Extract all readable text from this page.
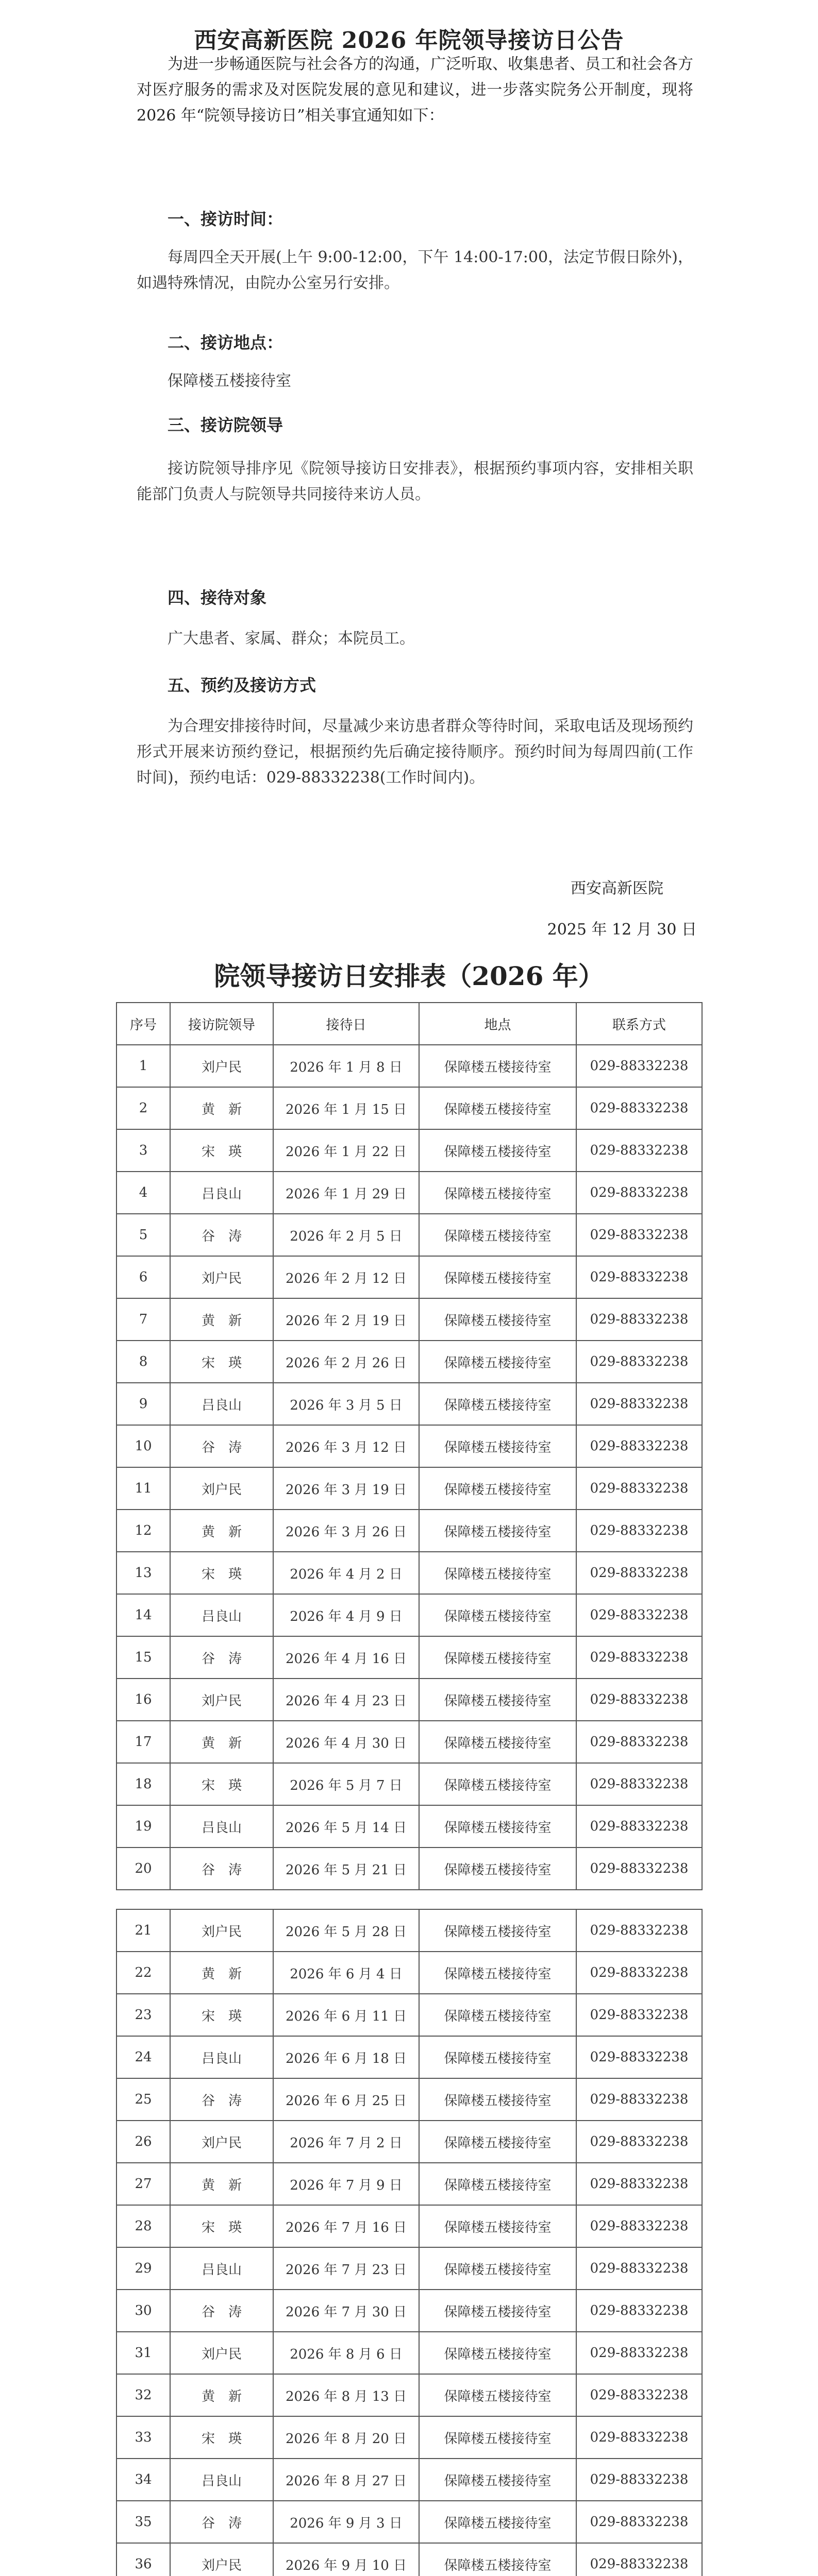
西安高新医院 2026 年院领导接访日公告

为进一步畅通医院与社会各方的沟通，广泛听取、收集患者、员工和社会各方对医疗服务的需求及对医院发展的意见和建议，进一步落实院务公开制度，现将 2026 年“院领导接访日”相关事宜通知如下：

一、接访时间：

每周四全天开展(上午 9:00-12:00，下午 14:00-17:00，法定节假日除外)，如遇特殊情况，由院办公室另行安排。

二、接访地点：

保障楼五楼接待室

三、接访院领导

接访院领导排序见《院领导接访日安排表》，根据预约事项内容，安排相关职能部门负责人与院领导共同接待来访人员。

四、接待对象

广大患者、家属、群众；本院员工。

五、预约及接访方式

为合理安排接待时间，尽量减少来访患者群众等待时间，采取电话及现场预约形式开展来访预约登记，根据预约先后确定接待顺序。预约时间为每周四前(工作时间)，预约电话：029-88332238(工作时间内)。

西安高新医院

2025 年 12 月 30 日

院领导接访日安排表（2026 年）
序号	接访院领导	接待日	地点	联系方式
1	刘户民	2026 年 1 月 8 日	保障楼五楼接待室	029-88332238
2	黄　新	2026 年 1 月 15 日	保障楼五楼接待室	029-88332238
3	宋　瑛	2026 年 1 月 22 日	保障楼五楼接待室	029-88332238
4	吕良山	2026 年 1 月 29 日	保障楼五楼接待室	029-88332238
5	谷　涛	2026 年 2 月 5 日	保障楼五楼接待室	029-88332238
6	刘户民	2026 年 2 月 12 日	保障楼五楼接待室	029-88332238
7	黄　新	2026 年 2 月 19 日	保障楼五楼接待室	029-88332238
8	宋　瑛	2026 年 2 月 26 日	保障楼五楼接待室	029-88332238
9	吕良山	2026 年 3 月 5 日	保障楼五楼接待室	029-88332238
10	谷　涛	2026 年 3 月 12 日	保障楼五楼接待室	029-88332238
11	刘户民	2026 年 3 月 19 日	保障楼五楼接待室	029-88332238
12	黄　新	2026 年 3 月 26 日	保障楼五楼接待室	029-88332238
13	宋　瑛	2026 年 4 月 2 日	保障楼五楼接待室	029-88332238
14	吕良山	2026 年 4 月 9 日	保障楼五楼接待室	029-88332238
15	谷　涛	2026 年 4 月 16 日	保障楼五楼接待室	029-88332238
16	刘户民	2026 年 4 月 23 日	保障楼五楼接待室	029-88332238
17	黄　新	2026 年 4 月 30 日	保障楼五楼接待室	029-88332238
18	宋　瑛	2026 年 5 月 7 日	保障楼五楼接待室	029-88332238
19	吕良山	2026 年 5 月 14 日	保障楼五楼接待室	029-88332238
20	谷　涛	2026 年 5 月 21 日	保障楼五楼接待室	029-88332238
21	刘户民	2026 年 5 月 28 日	保障楼五楼接待室	029-88332238
22	黄　新	2026 年 6 月 4 日	保障楼五楼接待室	029-88332238
23	宋　瑛	2026 年 6 月 11 日	保障楼五楼接待室	029-88332238
24	吕良山	2026 年 6 月 18 日	保障楼五楼接待室	029-88332238
25	谷　涛	2026 年 6 月 25 日	保障楼五楼接待室	029-88332238
26	刘户民	2026 年 7 月 2 日	保障楼五楼接待室	029-88332238
27	黄　新	2026 年 7 月 9 日	保障楼五楼接待室	029-88332238
28	宋　瑛	2026 年 7 月 16 日	保障楼五楼接待室	029-88332238
29	吕良山	2026 年 7 月 23 日	保障楼五楼接待室	029-88332238
30	谷　涛	2026 年 7 月 30 日	保障楼五楼接待室	029-88332238
31	刘户民	2026 年 8 月 6 日	保障楼五楼接待室	029-88332238
32	黄　新	2026 年 8 月 13 日	保障楼五楼接待室	029-88332238
33	宋　瑛	2026 年 8 月 20 日	保障楼五楼接待室	029-88332238
34	吕良山	2026 年 8 月 27 日	保障楼五楼接待室	029-88332238
35	谷　涛	2026 年 9 月 3 日	保障楼五楼接待室	029-88332238
36	刘户民	2026 年 9 月 10 日	保障楼五楼接待室	029-88332238
